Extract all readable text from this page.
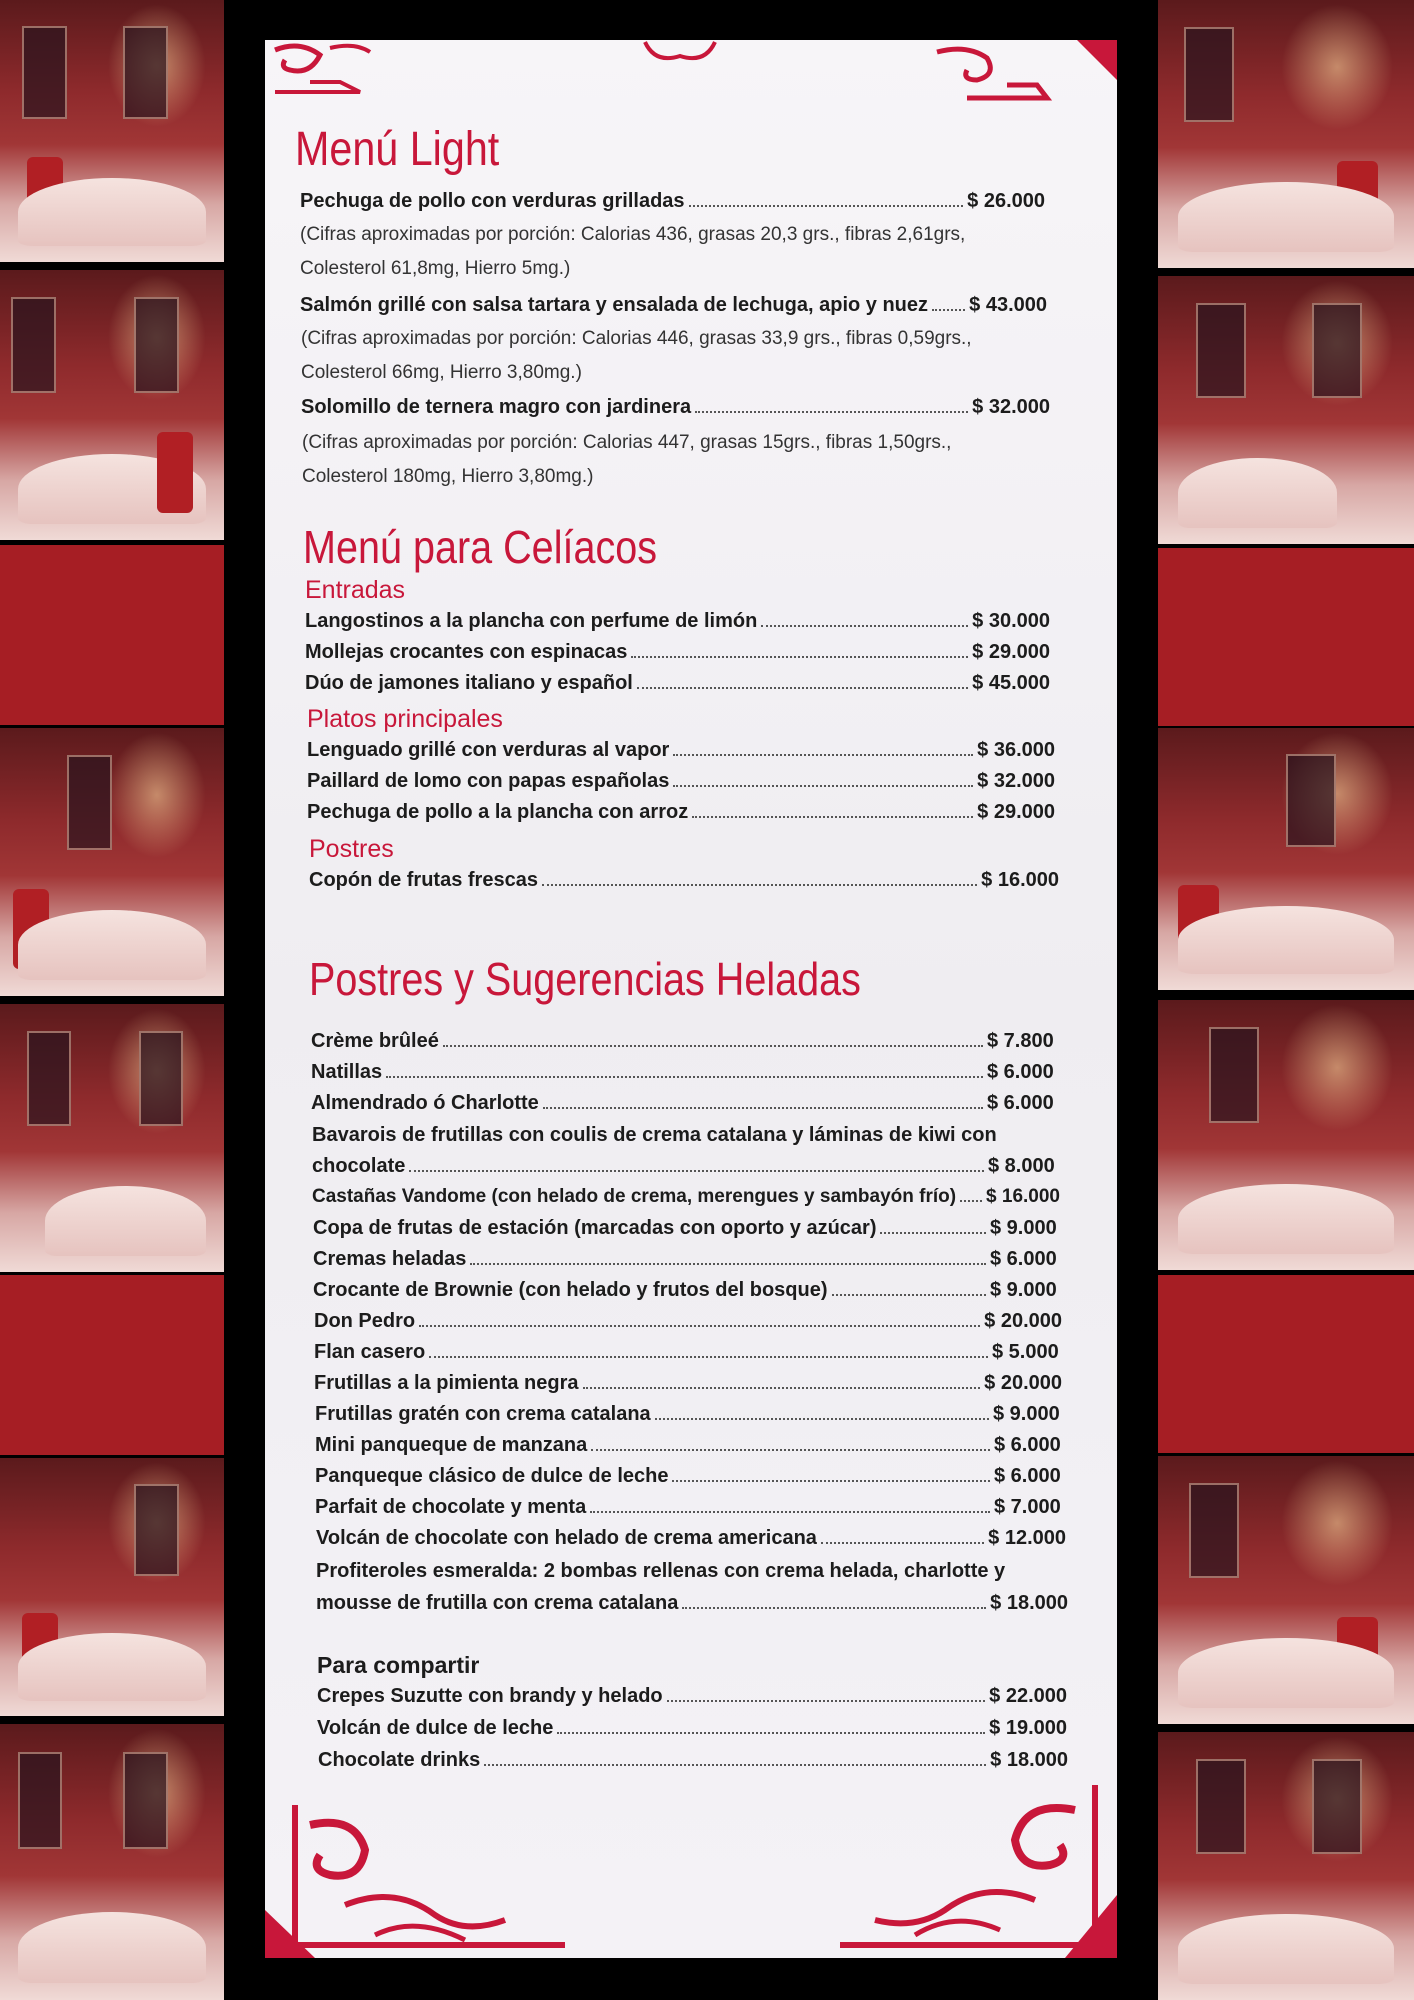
Menú Light
Pechuga de pollo con verduras grilladas	$ 26.000
(Cifras aproximadas por porción: Calorias 436, grasas 20,3 grs., fibras 2,61grs,
Colesterol 61,8mg, Hierro 5mg.)
Salmón grillé con salsa tartara y ensalada de lechuga, apio y nuez $ 43.000
(Cifras aproximadas por porción: Calorias 446, grasas 33,9 grs., fibras 0,59grs.,
Colesterol 66mg, Hierro 3,80mg.)
Solomillo de ternera magro con jardinera	$ 32.000
(Cifras aproximadas por porción: Calorias 447, grasas 15grs., fibras 1,50grs.,
Colesterol 180mg, Hierro 3,80mg.)
Menú para Celíacos
Entradas
Langostinos a la plancha con perfume de limón	$ 30.000
Mollejas crocantes con espinacas	$ 29.000
Dúo de jamones italiano y español	$ 45.000
Platos principales
Lenguado grillé con verduras al vapor	$ 36.000
Paillard de lomo con papas españolas	$ 32.000
Pechuga de pollo a la plancha con arroz	$ 29.000
Postres
Copón de frutas frescas	$ 16.000
Postres y Sugerencias Heladas
Crème brûleé	$ 7.800
Natillas	$ 6.000
Almendrado ó Charlotte	$ 6.000
Bavarois de frutillas con coulis de crema catalana y láminas de kiwi con
chocolate	$ 8.000
Castañas Vandome (con helado de crema, merengues y sambayón frío) $ 16.000
Copa de frutas de estación (marcadas con oporto y azúcar)	$ 9.000
Cremas heladas	$ 6.000
Crocante de Brownie (con helado y frutos del bosque)	$ 9.000
Don Pedro	$ 20.000
Flan casero	$ 5.000
Frutillas a la pimienta negra	$ 20.000
Frutillas gratén con crema catalana	$ 9.000
Mini panqueque de manzana	$ 6.000
Panqueque clásico de dulce de leche	$ 6.000
Parfait de chocolate y menta	$ 7.000
Volcán de chocolate con helado de crema americana	$ 12.000
Profiteroles esmeralda: 2 bombas rellenas con crema helada, charlotte y
mousse de frutilla con crema catalana	$ 18.000
Para compartir
Crepes Suzutte con brandy y helado	$ 22.000
Volcán de dulce de leche	$ 19.000
Chocolate drinks	$ 18.000
